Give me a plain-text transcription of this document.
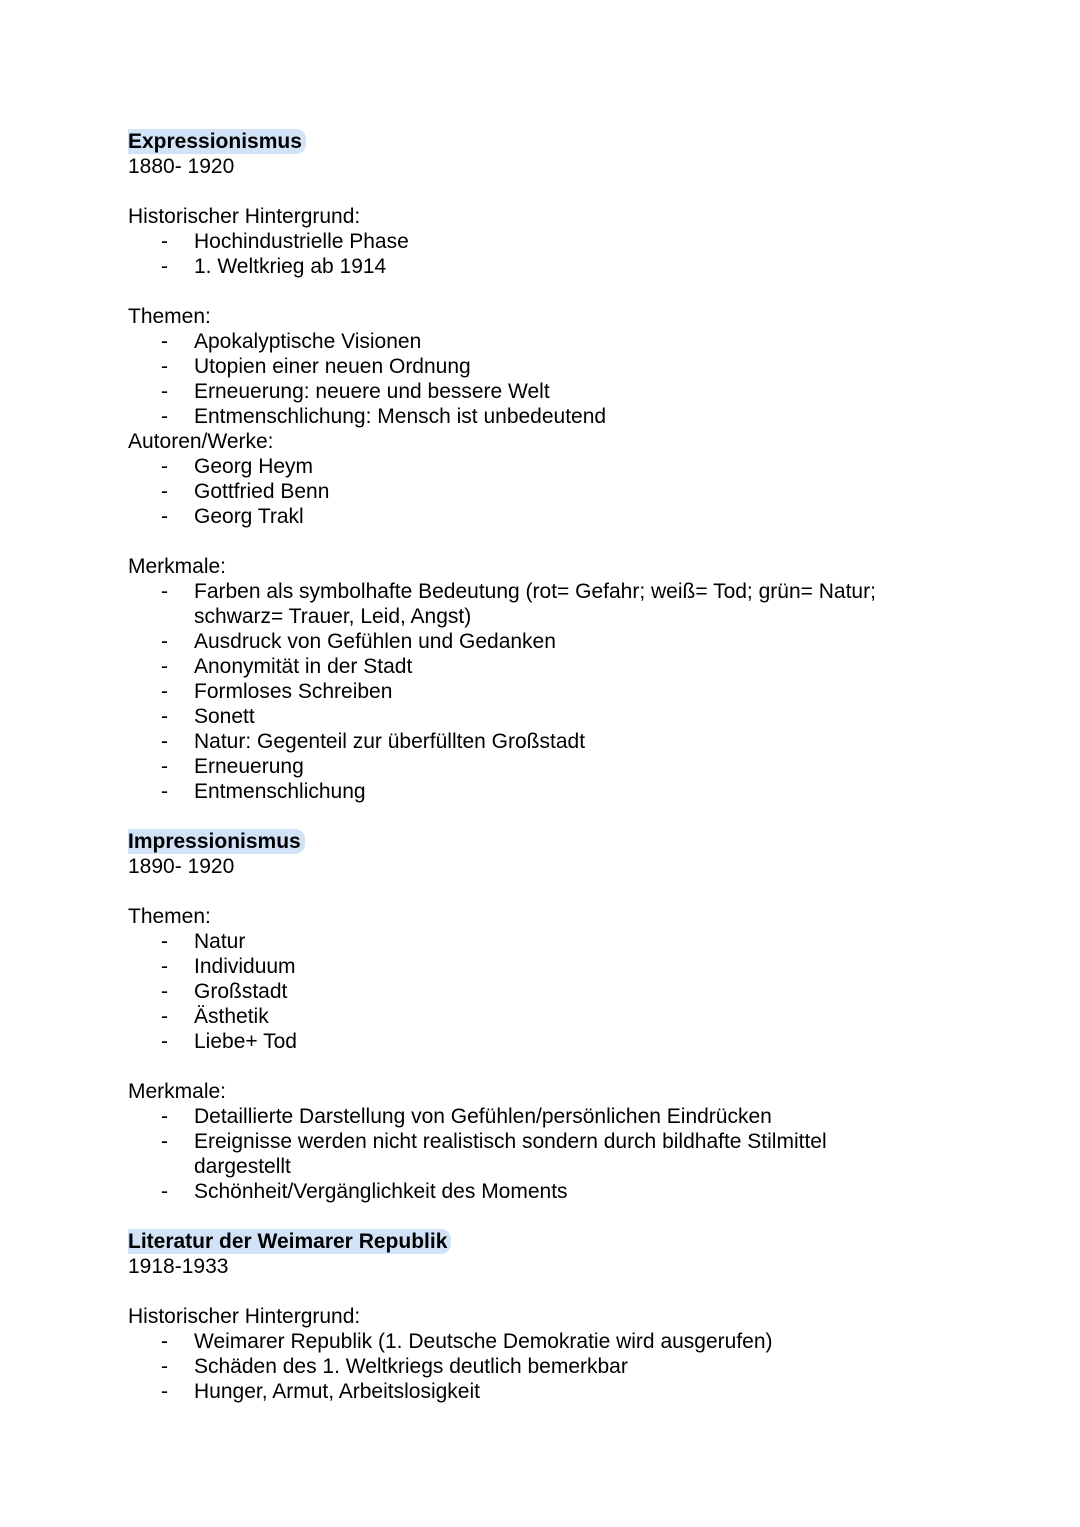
Expressionismus
1880- 1920
Historischer Hintergrund:
- Hochindustrielle Phase
- 1. Weltkrieg ab 1914
Themen:
- Apokalyptische Visionen
- Utopien einer neuen Ordnung
- Erneuerung: neuere und bessere Welt
- Entmenschlichung: Mensch ist unbedeutend
Autoren/Werke:
- Georg Heym
- Gottfried Benn
- Georg Trakl
Merkmale:
- Farben als symbolhafte Bedeutung (rot= Gefahr; weiß= Tod; grün= Natur; schwarz= Trauer, Leid, Angst)
- Ausdruck von Gefühlen und Gedanken
- Anonymität in der Stadt
- Formloses Schreiben
- Sonett
- Natur: Gegenteil zur überfüllten Großstadt
- Erneuerung
- Entmenschlichung
Impressionismus
1890- 1920
Themen:
- Natur
- Individuum
- Großstadt
- Ästhetik
- Liebe+ Tod
Merkmale:
- Detaillierte Darstellung von Gefühlen/persönlichen Eindrücken
- Ereignisse werden nicht realistisch sondern durch bildhafte Stilmittel dargestellt
- Schönheit/Vergänglichkeit des Moments
Literatur der Weimarer Republik
1918-1933
Historischer Hintergrund:
- Weimarer Republik (1. Deutsche Demokratie wird ausgerufen)
- Schäden des 1. Weltkriegs deutlich bemerkbar
- Hunger, Armut, Arbeitslosigkeit
